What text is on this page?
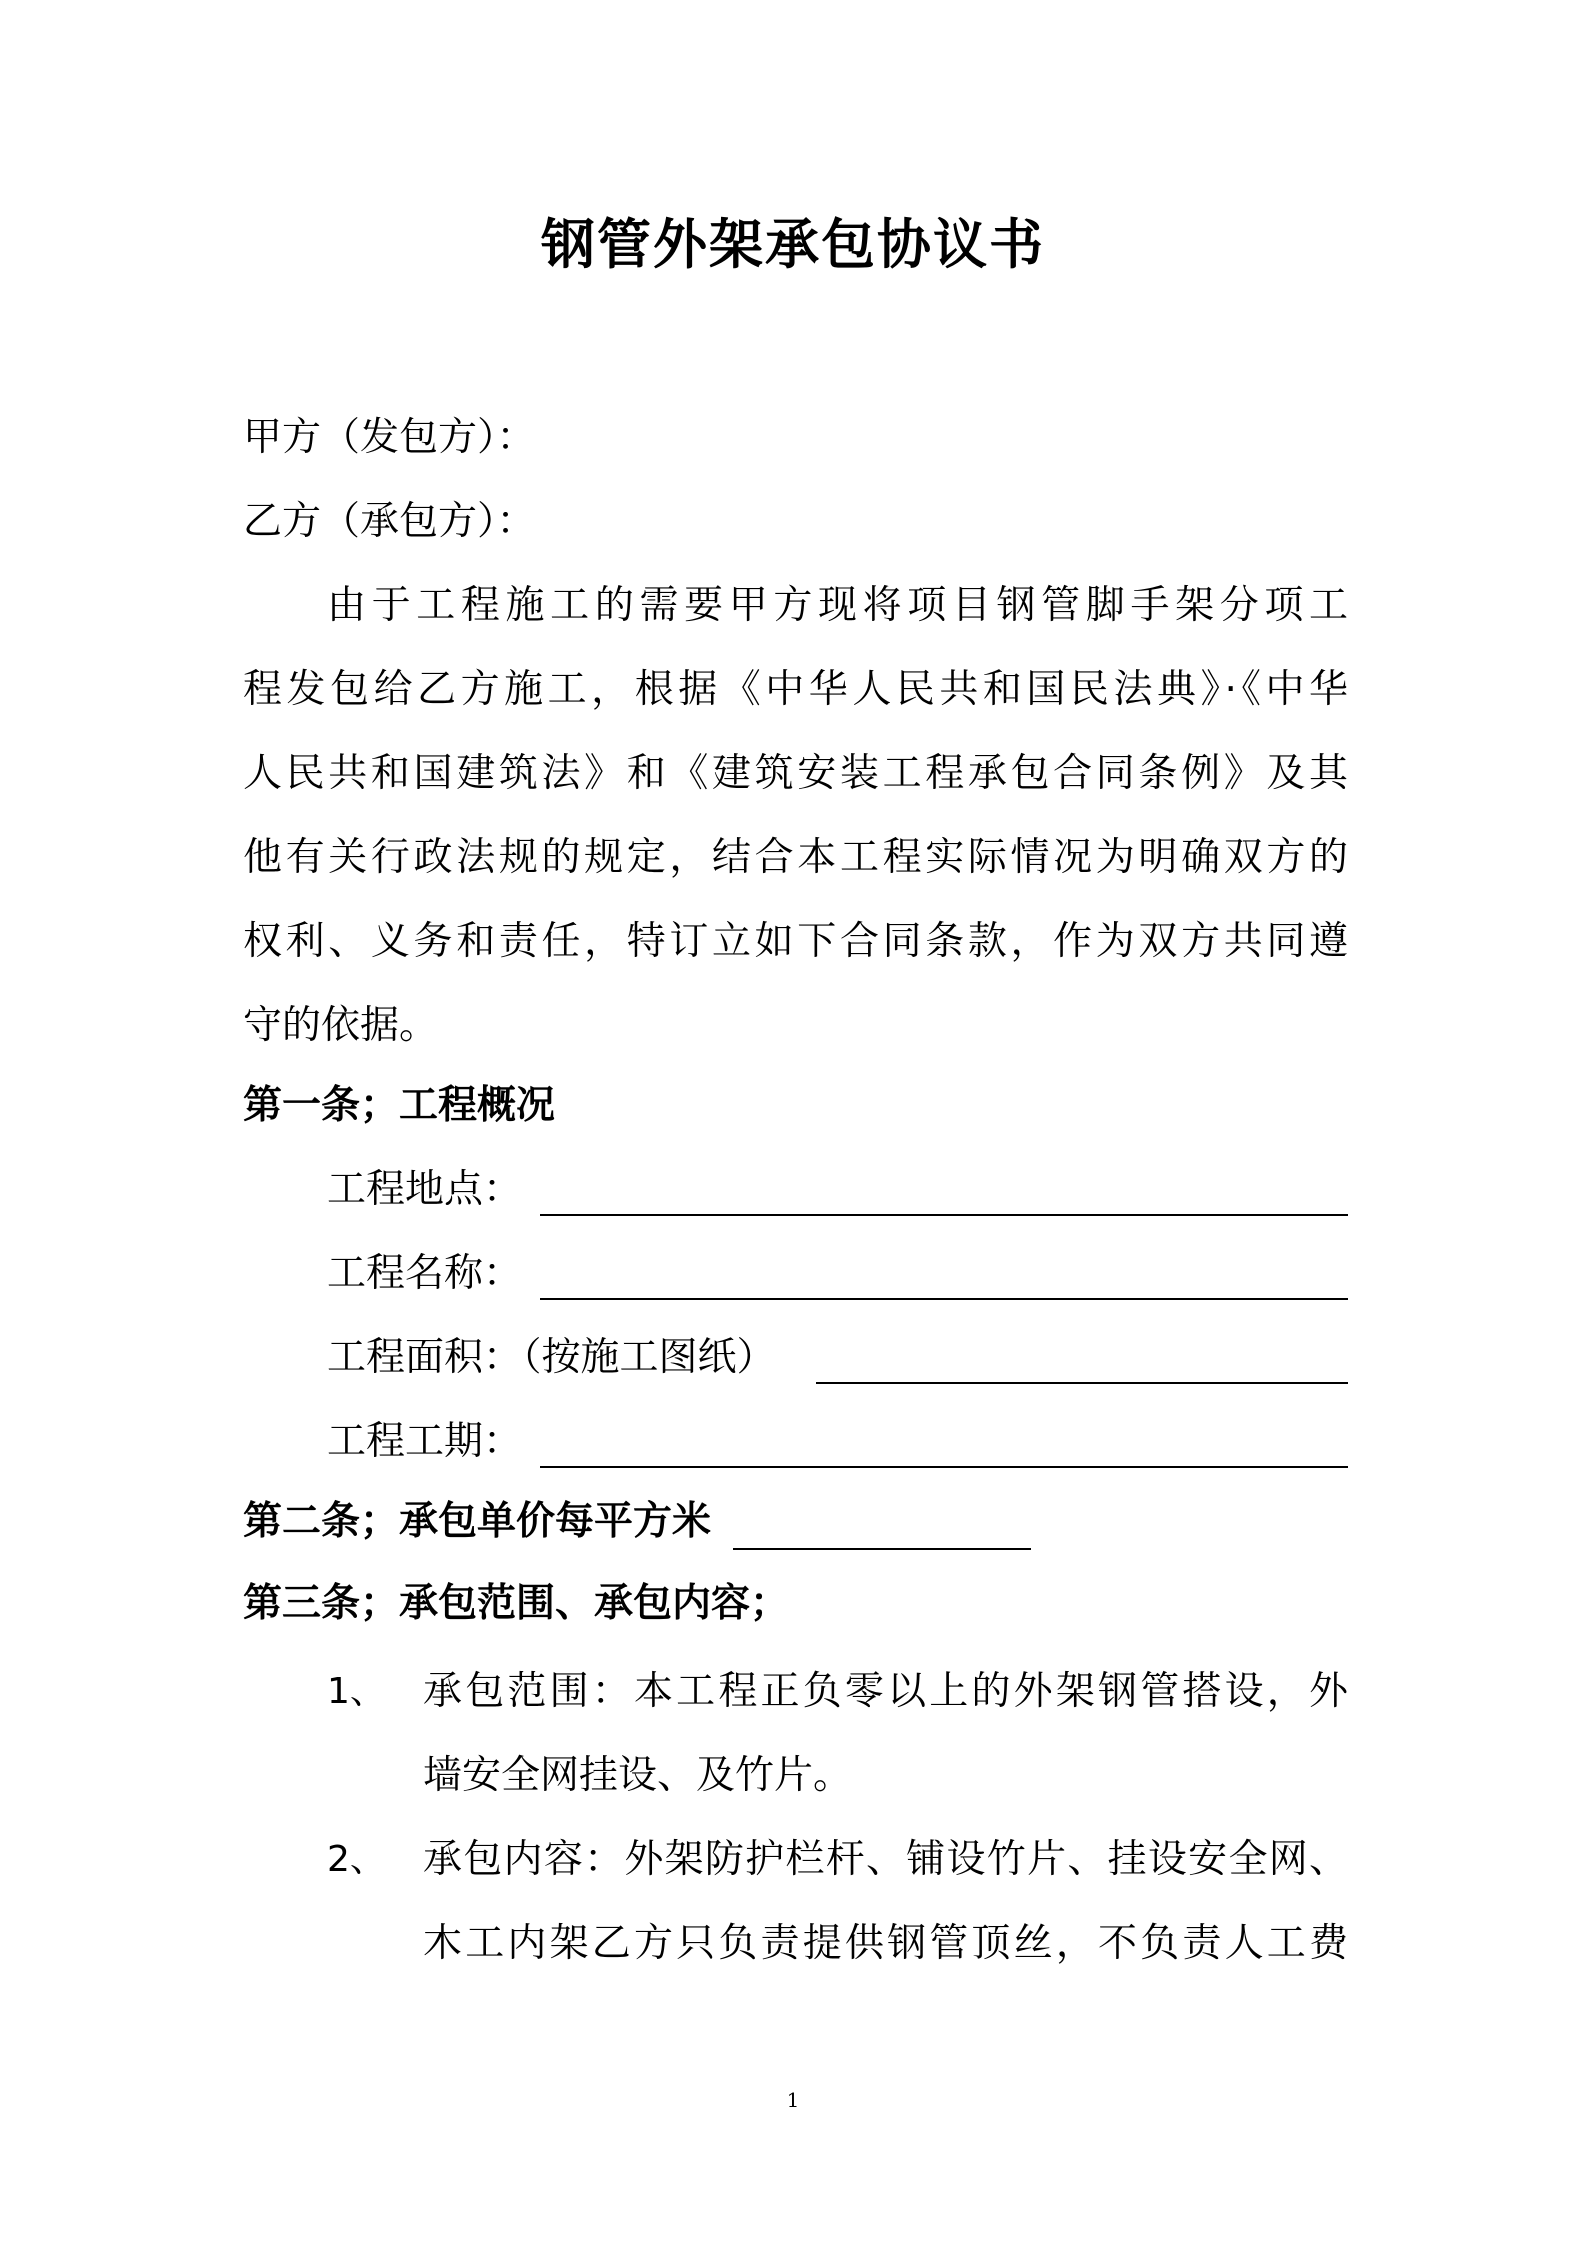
钢管外架承包协议书
甲方（发包方）：
乙方（承包方）：
由于工程施工的需要甲方现将项目钢管脚手架分项工
程发包给乙方施工，根据《中华人民共和国民法典》·《中华
人民共和国建筑法》和《建筑安装工程承包合同条例》及其
他有关行政法规的规定，结合本工程实际情况为明确双方的
权利、义务和责任，特订立如下合同条款，作为双方共同遵
守的依据。
第一条；工程概况
工程地点：
工程名称：
工程面积：（按施工图纸）
工程工期：
第二条；承包单价每平方米
第三条；承包范围、承包内容；
1、 承包范围：本工程正负零以上的外架钢管搭设，外
墙安全网挂设、及竹片。
2、 承包内容：外架防护栏杆、铺设竹片、挂设安全网、
木工内架乙方只负责提供钢管顶丝，不负责人工费
1
